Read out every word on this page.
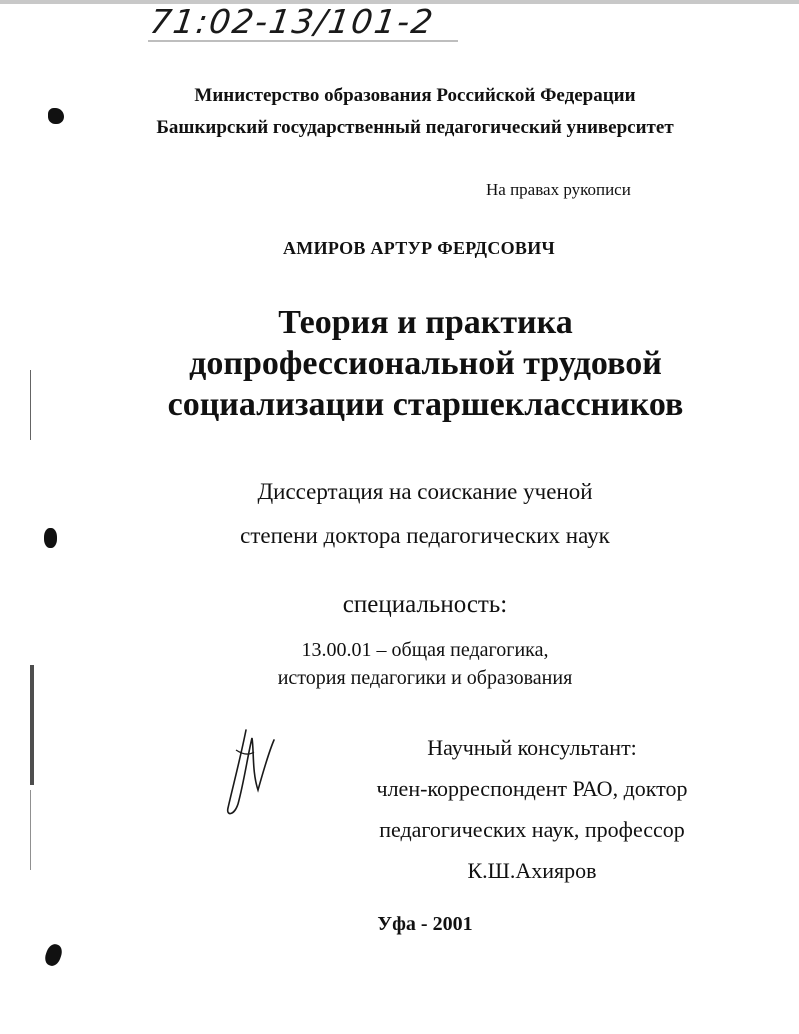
71:02-13/101-2
Министерство образования Российской Федерации
Башкирский государственный педагогический университет
На правах рукописи
АМИРОВ АРТУР ФЕРДСОВИЧ
Теория и практика
допрофессиональной трудовой
социализации старшеклассников
Диссертация на соискание ученой
степени доктора педагогических наук
специальность:
13.00.01 – общая педагогика,
история педагогики и образования
Научный консультант:
член-корреспондент РАО, доктор
педагогических наук, профессор
К.Ш.Ахияров
Уфа - 2001
